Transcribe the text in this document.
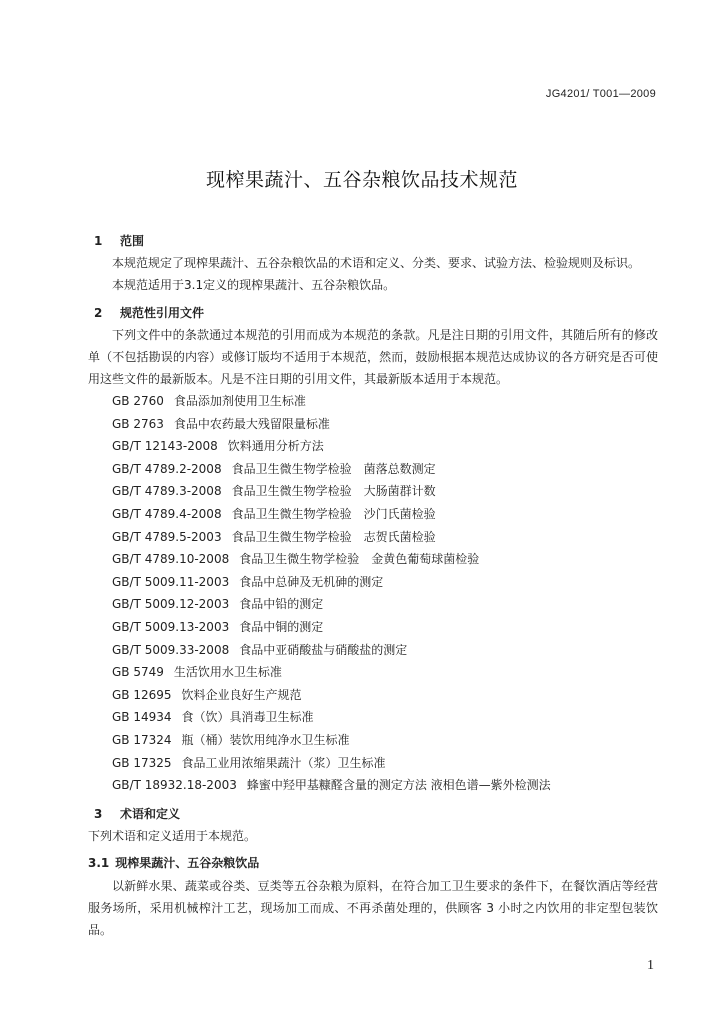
JG4201/ T001—2009
现榨果蔬汁、五谷杂粮饮品技术规范
1 范围
本规范规定了现榨果蔬汁、五谷杂粮饮品的术语和定义、分类、要求、试验方法、检验规则及标识。
本规范适用于3.1定义的现榨果蔬汁、五谷杂粮饮品。
2 规范性引用文件
下列文件中的条款通过本规范的引用而成为本规范的条款。凡是注日期的引用文件，其随后所有的修改单（不包括勘误的内容）或修订版均不适用于本规范，然而，鼓励根据本规范达成协议的各方研究是否可使用这些文件的最新版本。凡是不注日期的引用文件，其最新版本适用于本规范。
GB 2760 食品添加剂使用卫生标准
GB 2763 食品中农药最大残留限量标准
GB/T 12143-2008 饮料通用分析方法
GB/T 4789.2-2008 食品卫生微生物学检验　菌落总数测定
GB/T 4789.3-2008 食品卫生微生物学检验　大肠菌群计数
GB/T 4789.4-2008 食品卫生微生物学检验　沙门氏菌检验
GB/T 4789.5-2003 食品卫生微生物学检验　志贺氏菌检验
GB/T 4789.10-2008 食品卫生微生物学检验　金黄色葡萄球菌检验
GB/T 5009.11-2003 食品中总砷及无机砷的测定
GB/T 5009.12-2003 食品中铅的测定
GB/T 5009.13-2003 食品中铜的测定
GB/T 5009.33-2008 食品中亚硝酸盐与硝酸盐的测定
GB 5749 生活饮用水卫生标准
GB 12695 饮料企业良好生产规范
GB 14934 食（饮）具消毒卫生标准
GB 17324 瓶（桶）装饮用纯净水卫生标准
GB 17325 食品工业用浓缩果蔬汁（浆）卫生标准
GB/T 18932.18-2003 蜂蜜中羟甲基糠醛含量的测定方法 液相色谱—紫外检测法
3 术语和定义
下列术语和定义适用于本规范。
3.1 现榨果蔬汁、五谷杂粮饮品
以新鲜水果、蔬菜或谷类、豆类等五谷杂粮为原料，在符合加工卫生要求的条件下，在餐饮酒店等经营服务场所，采用机械榨汁工艺，现场加工而成、不再杀菌处理的，供顾客 3 小时之内饮用的非定型包装饮品。
1
